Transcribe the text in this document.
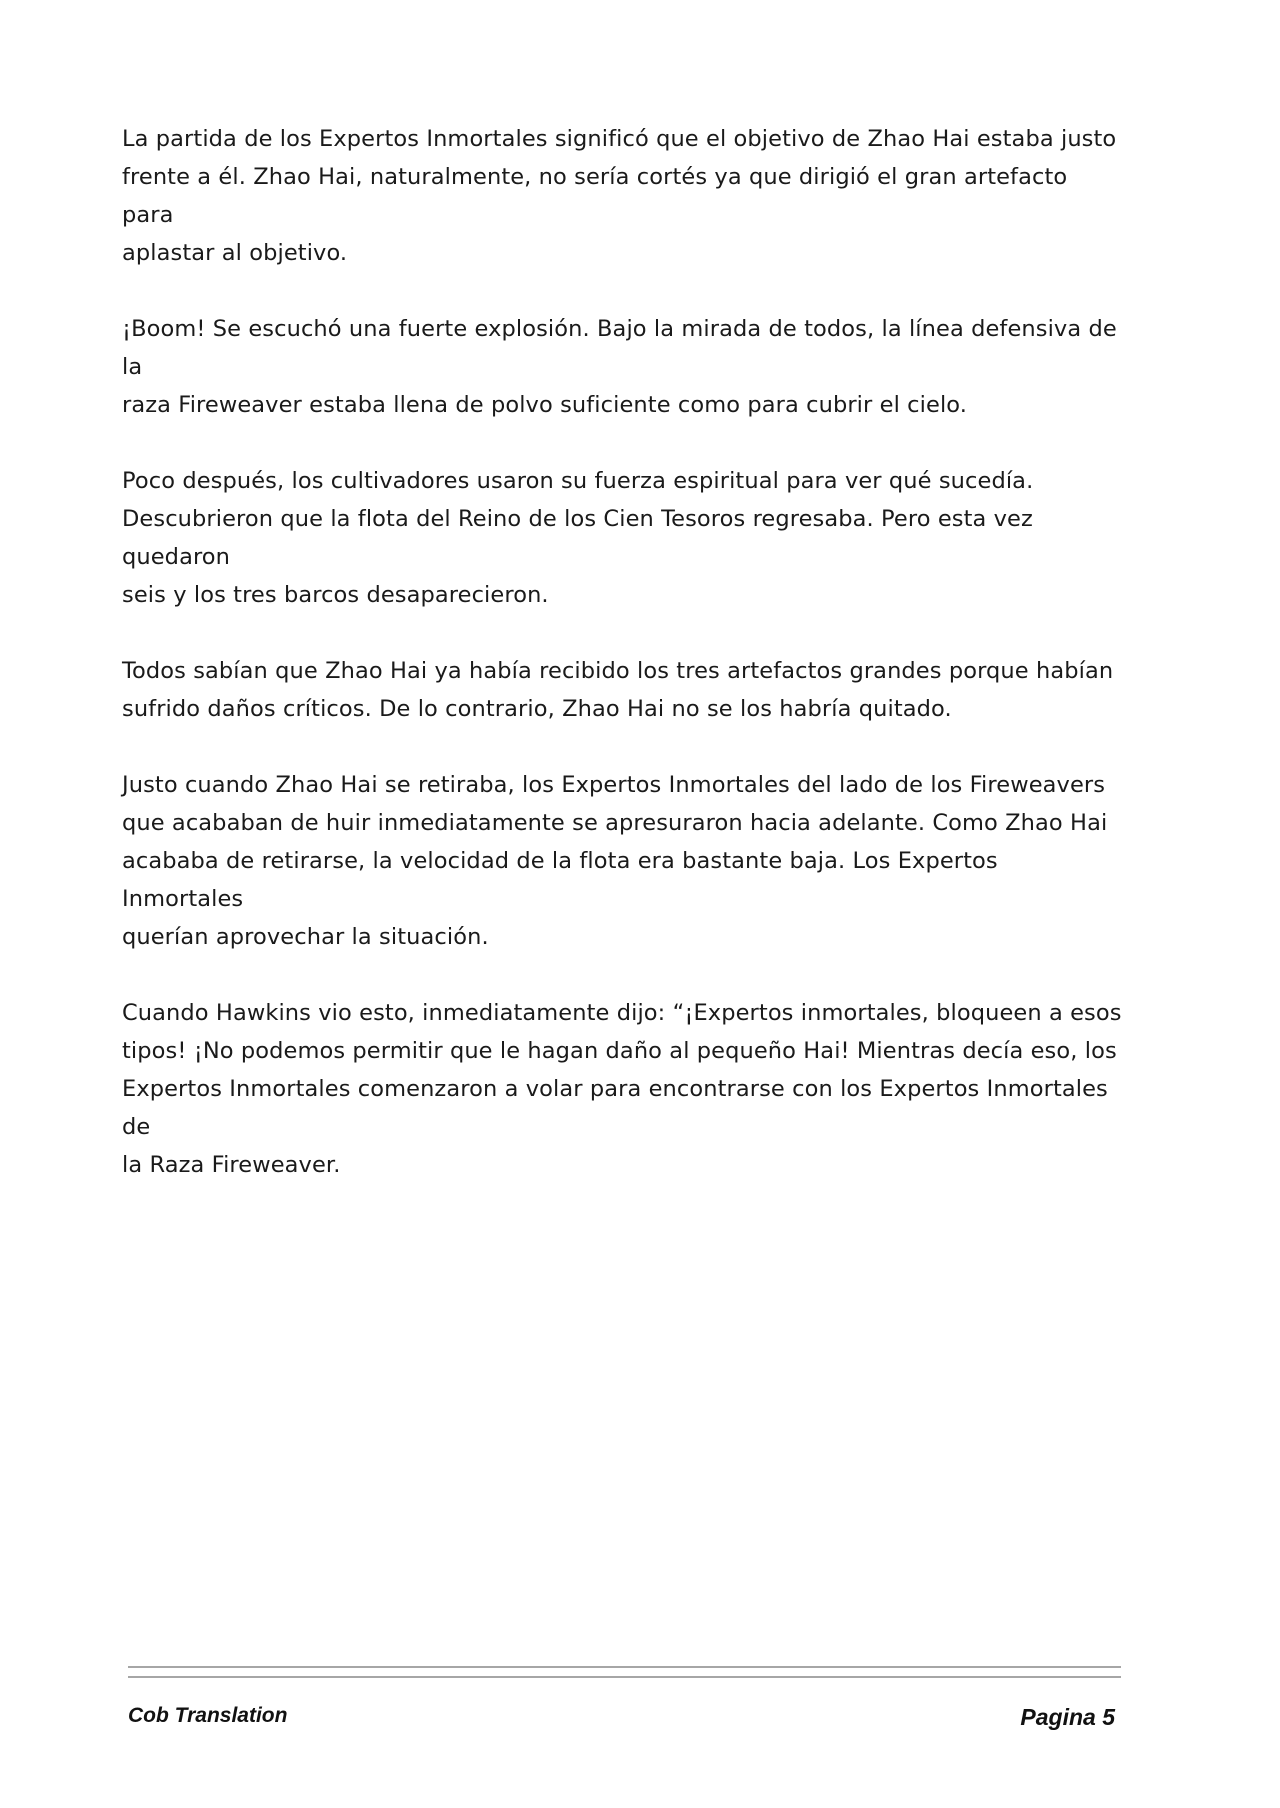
La partida de los Expertos Inmortales significó que el objetivo de Zhao Hai estaba justo
frente a él. Zhao Hai, naturalmente, no sería cortés ya que dirigió el gran artefacto para
aplastar al objetivo.

¡Boom! Se escuchó una fuerte explosión. Bajo la mirada de todos, la línea defensiva de la
raza Fireweaver estaba llena de polvo suficiente como para cubrir el cielo.

Poco después, los cultivadores usaron su fuerza espiritual para ver qué sucedía.
Descubrieron que la flota del Reino de los Cien Tesoros regresaba. Pero esta vez quedaron
seis y los tres barcos desaparecieron.

Todos sabían que Zhao Hai ya había recibido los tres artefactos grandes porque habían
sufrido daños críticos. De lo contrario, Zhao Hai no se los habría quitado.

Justo cuando Zhao Hai se retiraba, los Expertos Inmortales del lado de los Fireweavers
que acababan de huir inmediatamente se apresuraron hacia adelante. Como Zhao Hai
acababa de retirarse, la velocidad de la flota era bastante baja. Los Expertos Inmortales
querían aprovechar la situación.

Cuando Hawkins vio esto, inmediatamente dijo: “¡Expertos inmortales, bloqueen a esos
tipos! ¡No podemos permitir que le hagan daño al pequeño Hai! Mientras decía eso, los
Expertos Inmortales comenzaron a volar para encontrarse con los Expertos Inmortales de
la Raza Fireweaver.

Cob Translation	Pagina 5
